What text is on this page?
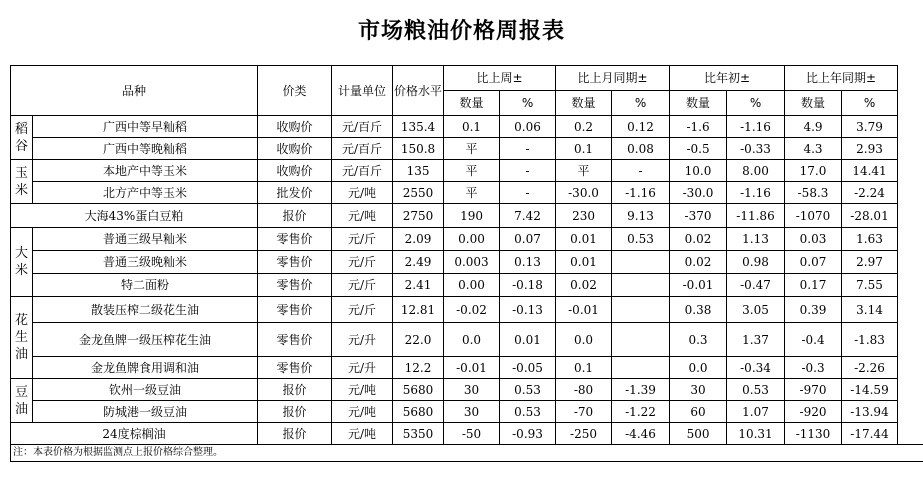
市场粮油价格周报表
品种		价类	计量单位	价格水平	比上周±		比上月同期±		比年初±		比上年同期±	
					数量	%	数量	%	数量	%	数量	%
稻谷	广西中等早籼稻	收购价	元/百斤	135.4	0.1	0.06	0.2	0.12	-1.6	-1.16	4.9	3.79
	广西中等晚籼稻	收购价	元/百斤	150.8	平	-	0.1	0.08	-0.5	-0.33	4.3	2.93
玉米	本地产中等玉米	收购价	元/百斤	135	平	-	平	-	10.0	8.00	17.0	14.41
	北方产中等玉米	批发价	元/吨	2550	平	-	-30.0	-1.16	-30.0	-1.16	-58.3	-2.24
大海43%蛋白豆粕		报价	元/吨	2750	190	7.42	230	9.13	-370	-11.86	-1070	-28.01
大米	普通三级早籼米	零售价	元/斤	2.09	0.00	0.07	0.01	0.53	0.02	1.13	0.03	1.63
	普通三级晚籼米	零售价	元/斤	2.49	0.003	0.13	0.01		0.02	0.98	0.07	2.97
	特二面粉	零售价	元/斤	2.41	0.00	-0.18	0.02		-0.01	-0.47	0.17	7.55
花生油	散装压榨二级花生油	零售价	元/斤	12.81	-0.02	-0.13	-0.01		0.38	3.05	0.39	3.14
	金龙鱼牌一级压榨花生油	零售价	元/升	22.0	0.0	0.01	0.0		0.3	1.37	-0.4	-1.83
	金龙鱼牌食用调和油	零售价	元/升	12.2	-0.01	-0.05	0.1		0.0	-0.34	-0.3	-2.26
豆油	钦州一级豆油	报价	元/吨	5680	30	0.53	-80	-1.39	30	0.53	-970	-14.59
	防城港一级豆油	报价	元/吨	5680	30	0.53	-70	-1.22	60	1.07	-920	-13.94
24度棕榈油		报价	元/吨	5350	-50	-0.93	-250	-4.46	500	10.31	-1130	-17.44
注：本表价格为根据监测点上报价格综合整理。												
